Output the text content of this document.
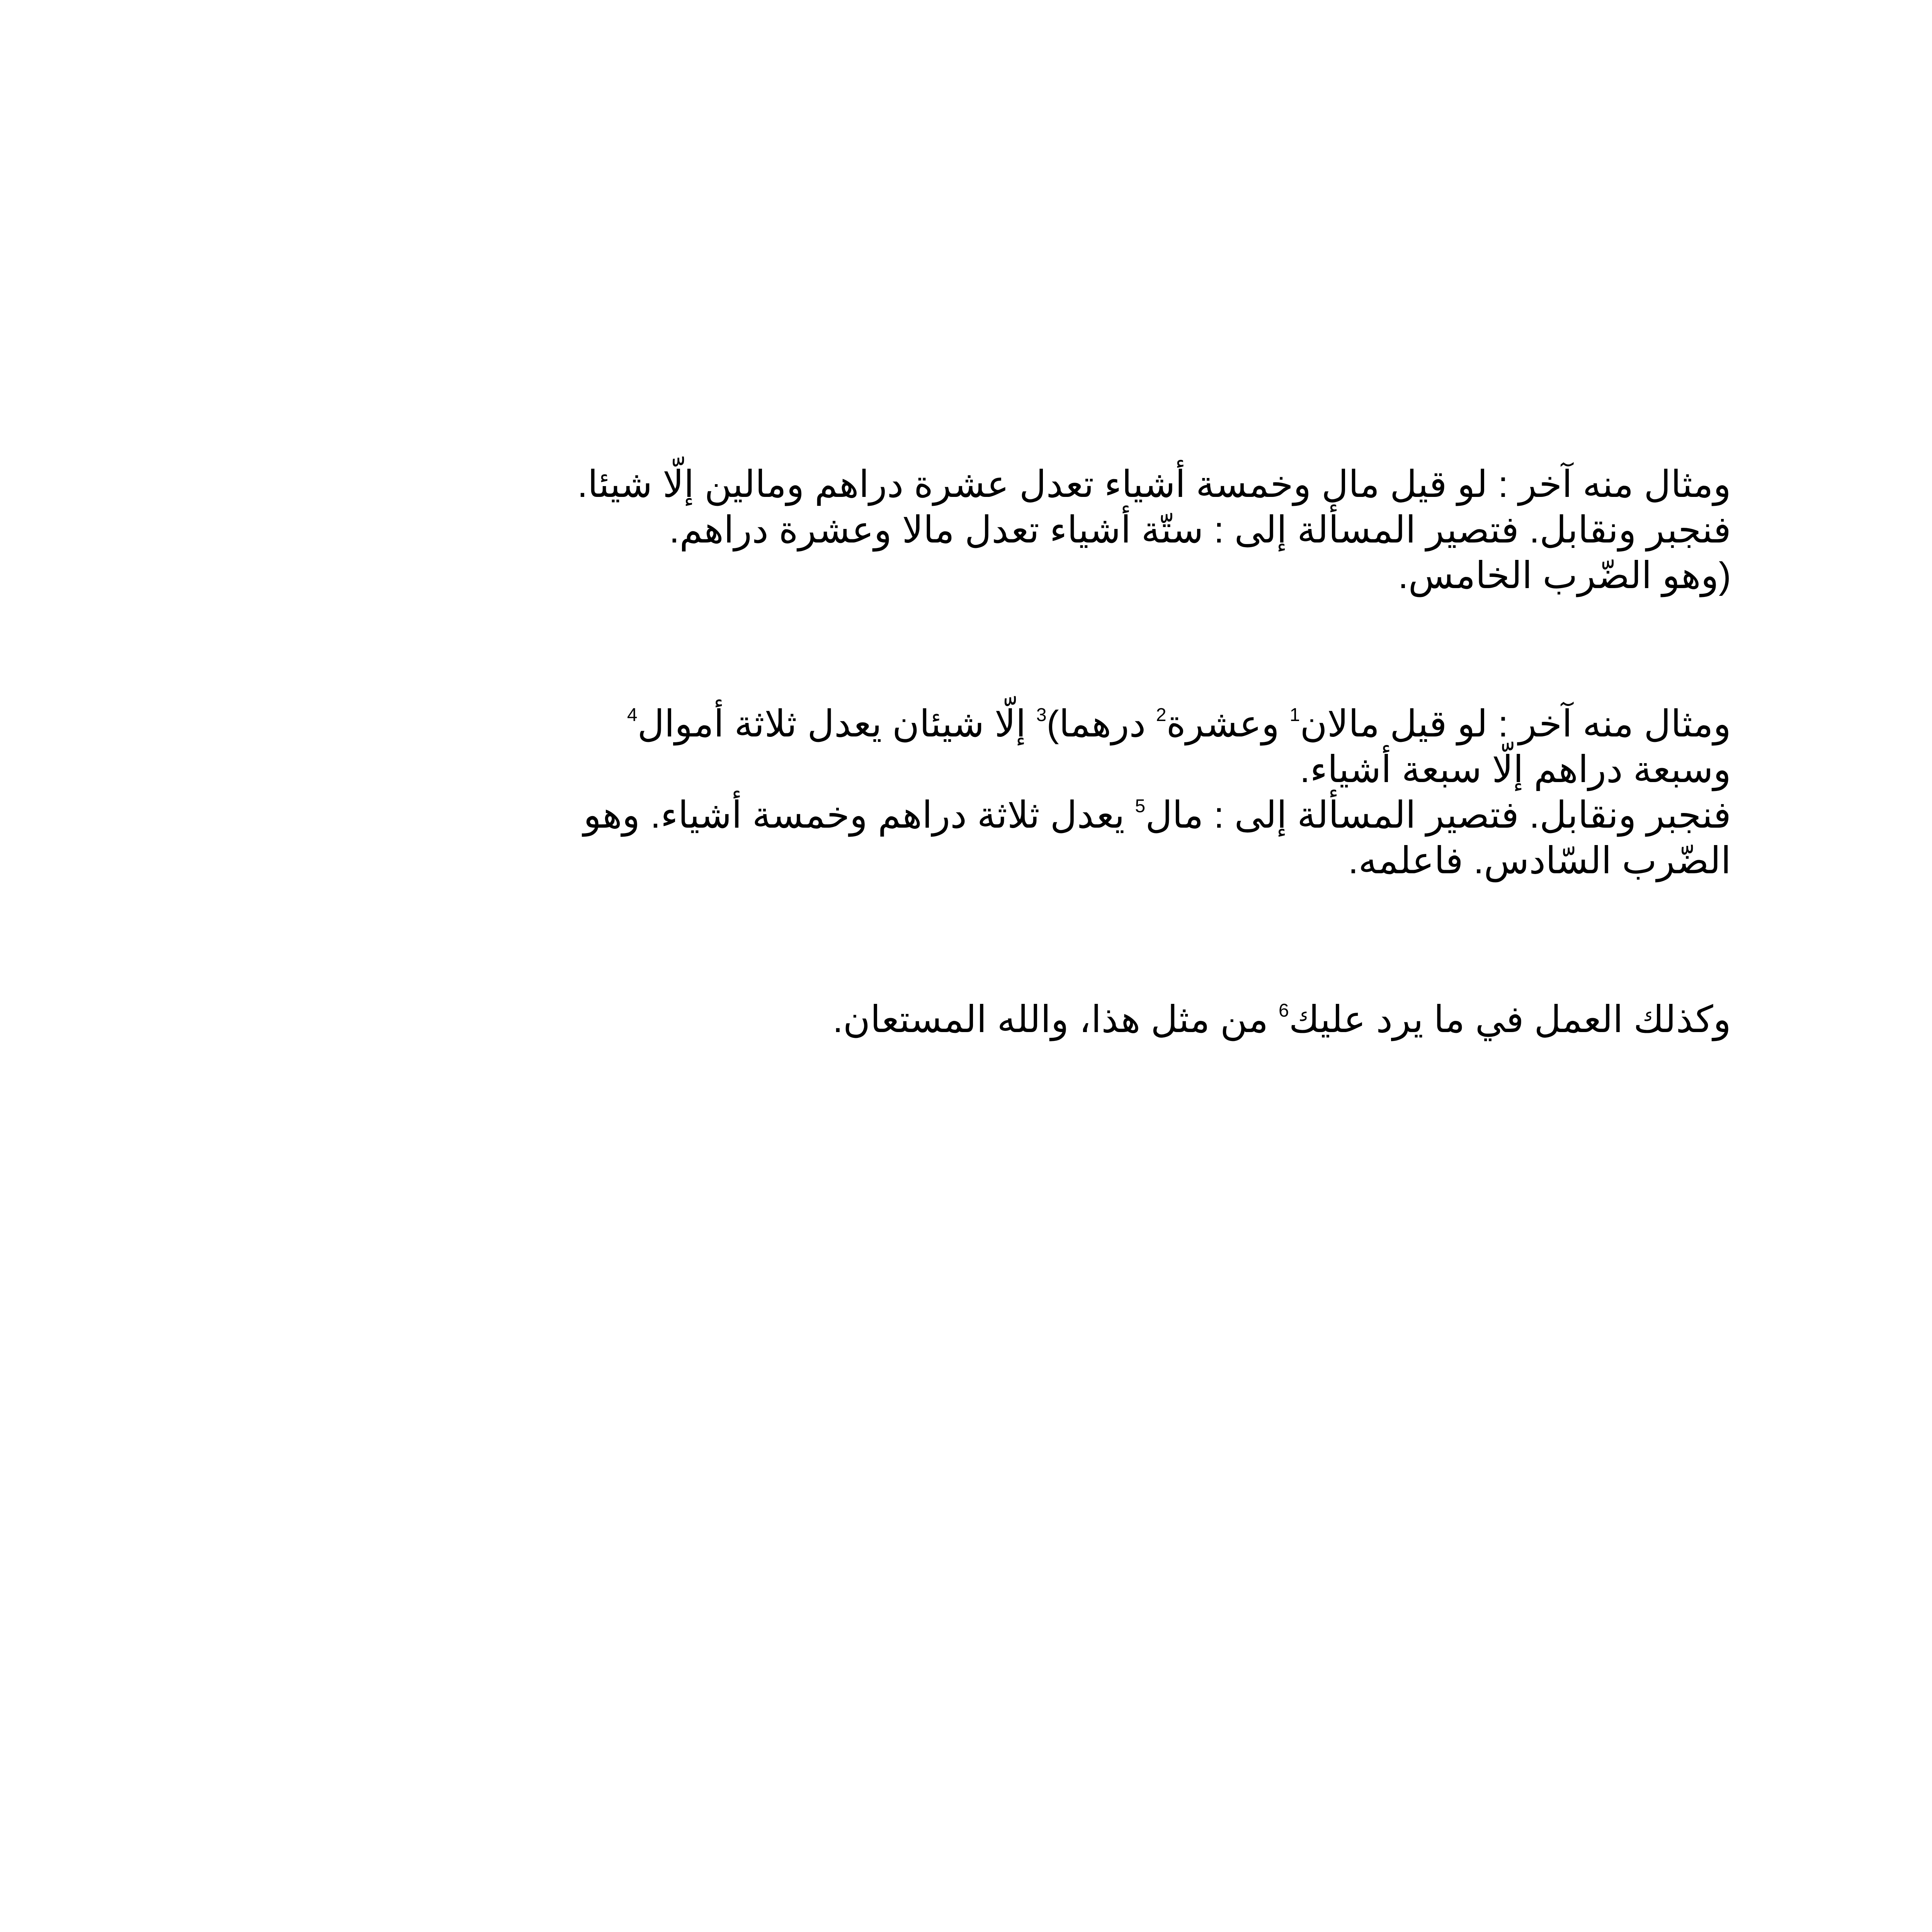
ومثال منه آخر : لو قيل مال وخمسة أشياء تعدل عشرة دراهم ومالين إلّا شيئا.
فنجبر ونقابل. فتصير المسألة إلى : ستّة أشياء تعدل مالا وعشرة دراهم.
(وهو الضّرب الخامس.
ومثال منه آخر : لو قيل مالان$^1$ وعشرة$^2$ درهما)$^3$ إلّا شيئان يعدل ثلاثة أموال$^4$
وسبعة دراهم إلّا سبعة أشياء.
فنجبر ونقابل. فتصير المسألة إلى : مال$^5$ يعدل ثلاثة دراهم وخمسة أشياء. وهو
الضّرب السّادس. فاعلمه.
وكذلك العمل في ما يرد عليك$^6$ من مثل هذا، والله المستعان.
